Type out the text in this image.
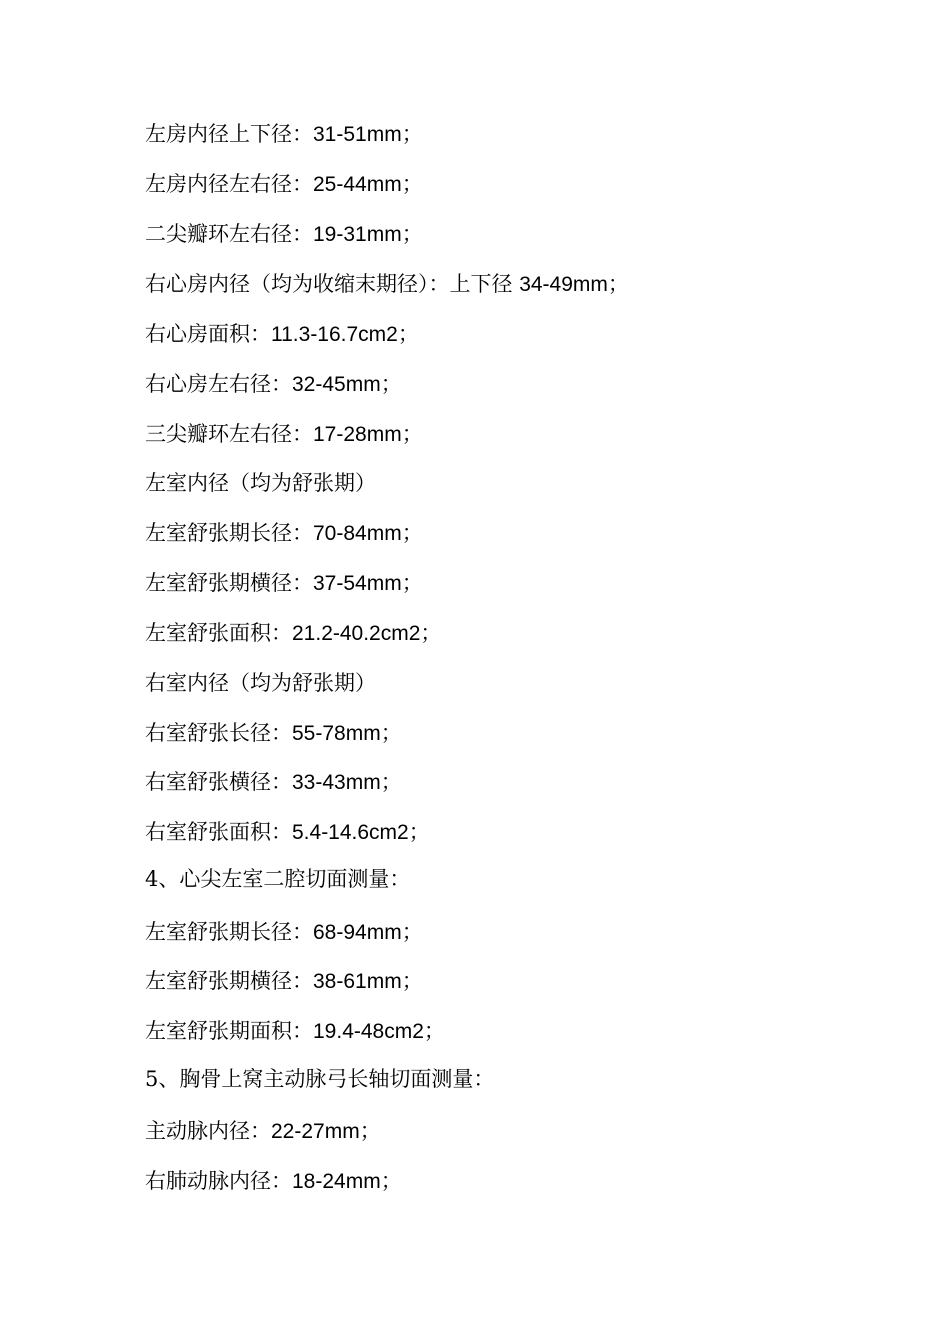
左房内径上下径：31-51mm；
左房内径左右径：25-44mm；
二尖瓣环左右径：19-31mm；
右心房内径（均为收缩末期径）：上下径 34-49mm；
右心房面积：11.3-16.7cm2；
右心房左右径：32-45mm；
三尖瓣环左右径：17-28mm；
左室内径（均为舒张期）
左室舒张期长径：70-84mm；
左室舒张期横径：37-54mm；
左室舒张面积：21.2-40.2cm2；
右室内径（均为舒张期）
右室舒张长径：55-78mm；
右室舒张横径：33-43mm；
右室舒张面积：5.4-14.6cm2；
4、心尖左室二腔切面测量：
左室舒张期长径：68-94mm；
左室舒张期横径：38-61mm；
左室舒张期面积：19.4-48cm2；
5、胸骨上窝主动脉弓长轴切面测量：
主动脉内径：22-27mm；
右肺动脉内径：18-24mm；
